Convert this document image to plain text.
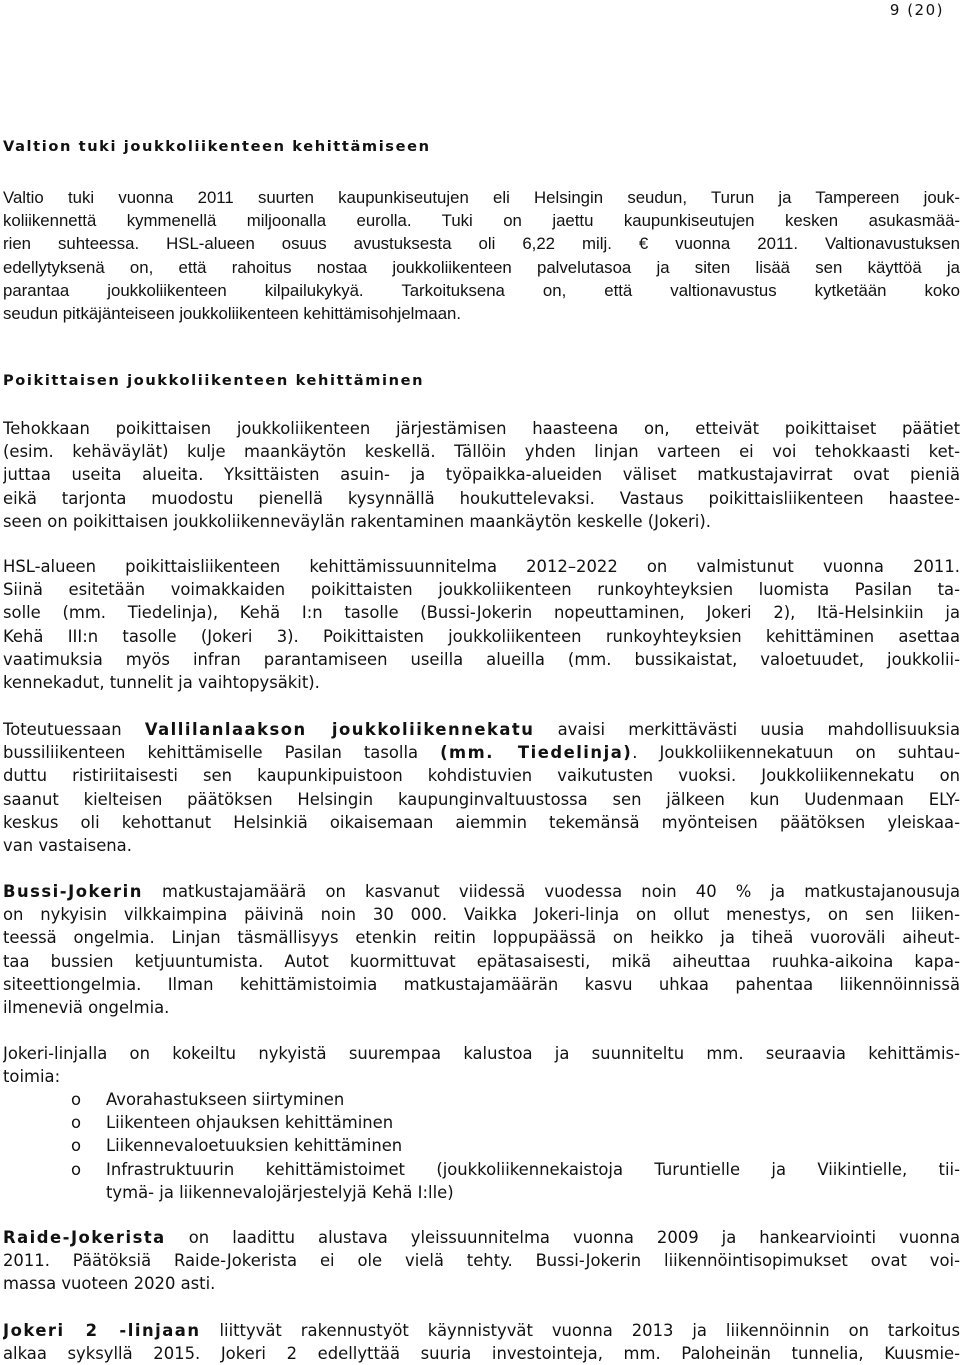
9 (20)
Valtion tuki joukkoliikenteen kehittämiseen
Valtio tuki vuonna 2011 suurten kaupunkiseutujen eli Helsingin seudun, Turun ja Tampereen jouk-
koliikennettä kymmenellä miljoonalla eurolla. Tuki on jaettu kaupunkiseutujen kesken asukasmää-
rien suhteessa. HSL-alueen osuus avustuksesta oli 6,22 milj. € vuonna 2011. Valtionavustuksen
edellytyksenä on, että rahoitus nostaa joukkoliikenteen palvelutasoa ja siten lisää sen käyttöä ja
parantaa joukkoliikenteen kilpailukykyä. Tarkoituksena on, että valtionavustus kytketään koko
seudun pitkäjänteiseen joukkoliikenteen kehittämisohjelmaan.
Poikittaisen joukkoliikenteen kehittäminen
Tehokkaan poikittaisen joukkoliikenteen järjestämisen haasteena on, etteivät poikittaiset päätiet
(esim. kehäväylät) kulje maankäytön keskellä. Tällöin yhden linjan varteen ei voi tehokkaasti ket-
juttaa useita alueita. Yksittäisten asuin- ja työpaikka-alueiden väliset matkustajavirrat ovat pieniä
eikä tarjonta muodostu pienellä kysynnällä houkuttelevaksi. Vastaus poikittaisliikenteen haastee-
seen on poikittaisen joukkoliikenneväylän rakentaminen maankäytön keskelle (Jokeri).
HSL-alueen poikittaisliikenteen kehittämissuunnitelma 2012–2022 on valmistunut vuonna 2011.
Siinä esitetään voimakkaiden poikittaisten joukkoliikenteen runkoyhteyksien luomista Pasilan ta-
solle (mm. Tiedelinja), Kehä I:n tasolle (Bussi-Jokerin nopeuttaminen, Jokeri 2), Itä-Helsinkiin ja
Kehä III:n tasolle (Jokeri 3). Poikittaisten joukkoliikenteen runkoyhteyksien kehittäminen asettaa
vaatimuksia myös infran parantamiseen useilla alueilla (mm. bussikaistat, valoetuudet, joukkolii-
kennekadut, tunnelit ja vaihtopysäkit).
Toteutuessaan Vallilanlaakson joukkoliikennekatu avaisi merkittävästi uusia mahdollisuuksia
bussiliikenteen kehittämiselle Pasilan tasolla (mm. Tiedelinja). Joukkoliikennekatuun on suhtau-
duttu ristiriitaisesti sen kaupunkipuistoon kohdistuvien vaikutusten vuoksi. Joukkoliikennekatu on
saanut kielteisen päätöksen Helsingin kaupunginvaltuustossa sen jälkeen kun Uudenmaan ELY-
keskus oli kehottanut Helsinkiä oikaisemaan aiemmin tekemänsä myönteisen päätöksen yleiskaa-
van vastaisena.
Bussi-Jokerin matkustajamäärä on kasvanut viidessä vuodessa noin 40 % ja matkustajanousuja
on nykyisin vilkkaimpina päivinä noin 30 000. Vaikka Jokeri-linja on ollut menestys, on sen liiken-
teessä ongelmia. Linjan täsmällisyys etenkin reitin loppupäässä on heikko ja tiheä vuoroväli aiheut-
taa bussien ketjuuntumista. Autot kuormittuvat epätasaisesti, mikä aiheuttaa ruuhka-aikoina kapa-
siteettiongelmia. Ilman kehittämistoimia matkustajamäärän kasvu uhkaa pahentaa liikennöinnissä
ilmeneviä ongelmia.
Jokeri-linjalla on kokeiltu nykyistä suurempaa kalustoa ja suunniteltu mm. seuraavia kehittämis-
toimia:
o Avorahastukseen siirtyminen
o Liikenteen ohjauksen kehittäminen
o Liikennevaloetuuksien kehittäminen
o Infrastruktuurin kehittämistoimet (joukkoliikennekaistoja Turuntielle ja Viikintielle, tii-
tymä- ja liikennevalojärjestelyjä Kehä I:lle)
Raide-Jokerista on laadittu alustava yleissuunnitelma vuonna 2009 ja hankearviointi vuonna
2011. Päätöksiä Raide-Jokerista ei ole vielä tehty. Bussi-Jokerin liikennöintisopimukset ovat voi-
massa vuoteen 2020 asti.
Jokeri 2 -linjaan liittyvät rakennustyöt käynnistyvät vuonna 2013 ja liikennöinnin on tarkoitus
alkaa syksyllä 2015. Jokeri 2 edellyttää suuria investointeja, mm. Paloheinän tunnelia, Kuusmie-
